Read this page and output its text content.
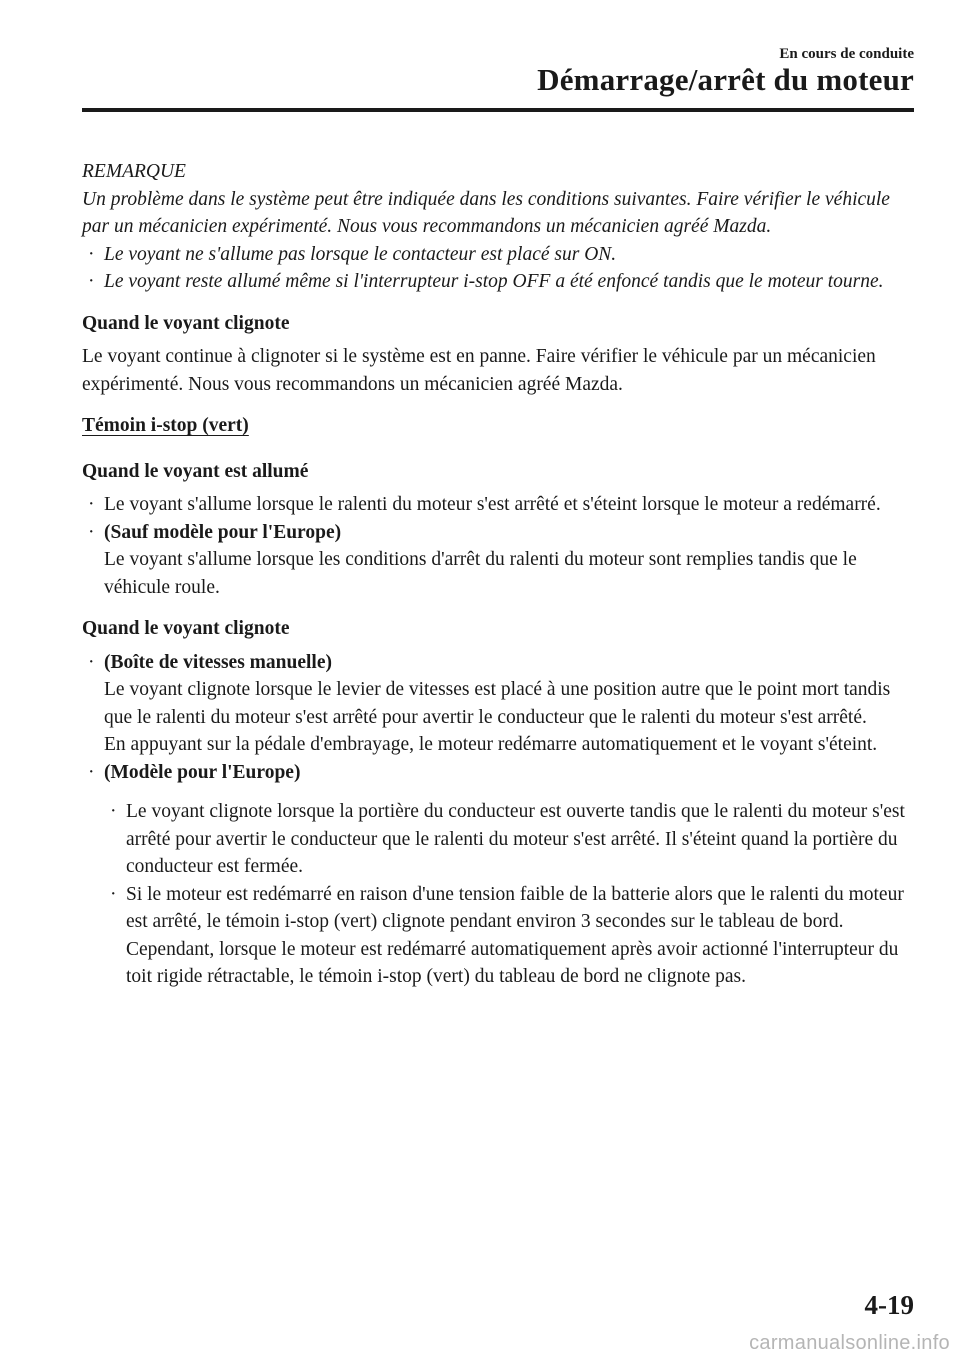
En cours de conduite
Démarrage/arrêt du moteur
REMARQUE

Un problème dans le système peut être indiquée dans les conditions suivantes. Faire vérifier le véhicule par un mécanicien expérimenté. Nous vous recommandons un mécanicien agréé Mazda.

· Le voyant ne s'allume pas lorsque le contacteur est placé sur ON.
· Le voyant reste allumé même si l'interrupteur i-stop OFF a été enfoncé tandis que le moteur tourne.
Quand le voyant clignote

Le voyant continue à clignoter si le système est en panne. Faire vérifier le véhicule par un mécanicien expérimenté. Nous vous recommandons un mécanicien agréé Mazda.

Témoin i-stop (vert)
Quand le voyant est allumé
· Le voyant s'allume lorsque le ralenti du moteur s'est arrêté et s'éteint lorsque le moteur a redémarré.
· (Sauf modèle pour l'Europe)
Le voyant s'allume lorsque les conditions d'arrêt du ralenti du moteur sont remplies tandis que le véhicule roule.
Quand le voyant clignote
· (Boîte de vitesses manuelle)
Le voyant clignote lorsque le levier de vitesses est placé à une position autre que le point mort tandis que le ralenti du moteur s'est arrêté pour avertir le conducteur que le ralenti du moteur s'est arrêté.
En appuyant sur la pédale d'embrayage, le moteur redémarre automatiquement et le voyant s'éteint.
· (Modèle pour l'Europe)
· Le voyant clignote lorsque la portière du conducteur est ouverte tandis que le ralenti du moteur s'est arrêté pour avertir le conducteur que le ralenti du moteur s'est arrêté. Il s'éteint quand la portière du conducteur est fermée.
· Si le moteur est redémarré en raison d'une tension faible de la batterie alors que le ralenti du moteur est arrêté, le témoin i-stop (vert) clignote pendant environ 3 secondes sur le tableau de bord. Cependant, lorsque le moteur est redémarré automatiquement après avoir actionné l'interrupteur du toit rigide rétractable, le témoin i-stop (vert) du tableau de bord ne clignote pas.
4-19
carmanualsonline.info
